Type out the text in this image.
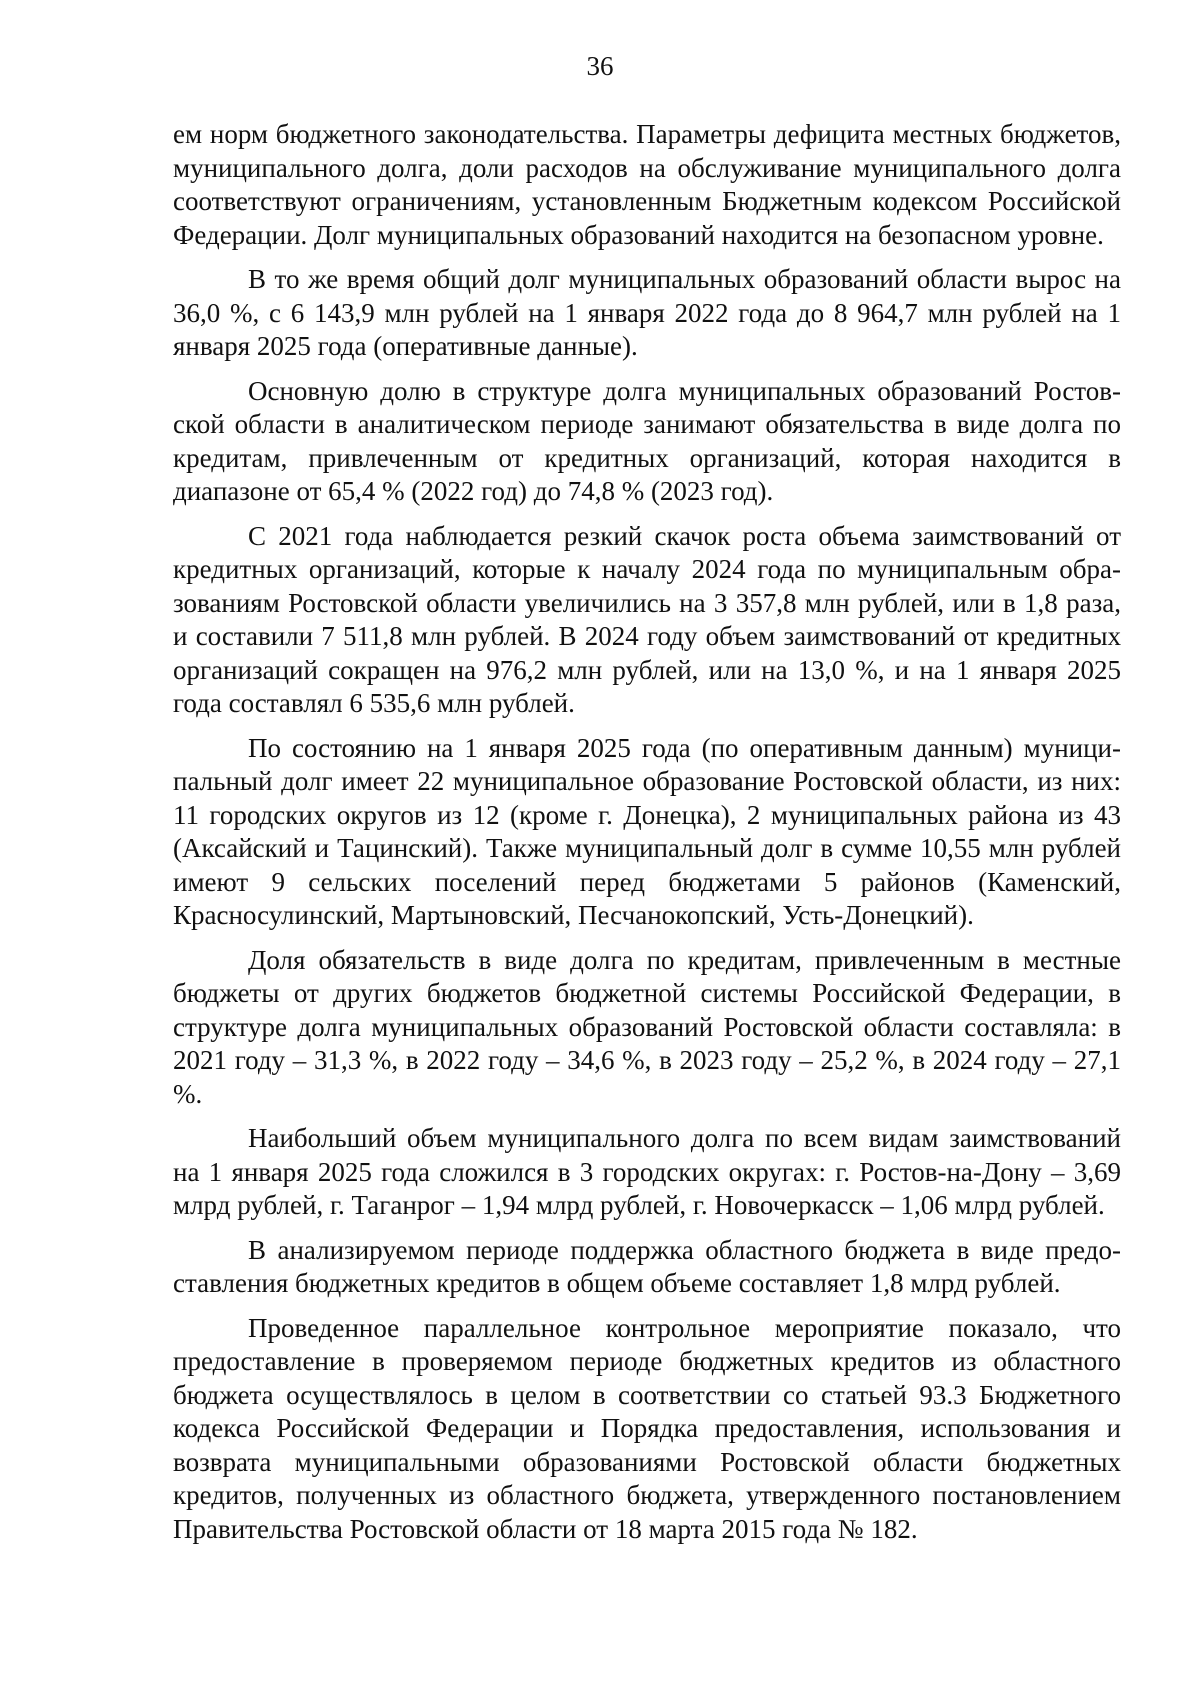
36

ем норм бюджетного законодательства. Параметры дефицита местных бюджетов, муниципального долга, доли расходов на обслуживание муниципального долга соответствуют ограничениям, установленным Бюджетным кодексом Российской Федерации. Долг муниципальных образований находится на безопасном уровне.

В то же время общий долг муниципальных образований области вырос на 36,0 %, с 6 143,9 млн рублей на 1 января 2022 года до 8 964,7 млн рублей на 1 января 2025 года (оперативные данные).

Основную долю в структуре долга муниципальных образований Ростовской области в аналитическом периоде занимают обязательства в виде долга по кредитам, привлеченным от кредитных организаций, которая находится в диапазоне от 65,4 % (2022 год) до 74,8 % (2023 год).

С 2021 года наблюдается резкий скачок роста объема заимствований от кредитных организаций, которые к началу 2024 года по муниципальным образованиям Ростовской области увеличились на 3 357,8 млн рублей, или в 1,8 раза, и составили 7 511,8 млн рублей. В 2024 году объем заимствований от кредитных организаций сокращен на 976,2 млн рублей, или на 13,0 %, и на 1 января 2025 года составлял 6 535,6 млн рублей.

По состоянию на 1 января 2025 года (по оперативным данным) муниципальный долг имеет 22 муниципальное образование Ростовской области, из них: 11 городских округов из 12 (кроме г. Донецка), 2 муниципальных района из 43 (Аксайский и Тацинский). Также муниципальный долг в сумме 10,55 млн рублей имеют 9 сельских поселений перед бюджетами 5 районов (Каменский, Красносулинский, Мартыновский, Песчанокопский, Усть-Донецкий).

Доля обязательств в виде долга по кредитам, привлеченным в местные бюджеты от других бюджетов бюджетной системы Российской Федерации, в структуре долга муниципальных образований Ростовской области составляла: в 2021 году – 31,3 %, в 2022 году – 34,6 %, в 2023 году – 25,2 %, в 2024 году – 27,1 %.

Наибольший объем муниципального долга по всем видам заимствований на 1 января 2025 года сложился в 3 городских округах: г. Ростов-на-Дону – 3,69 млрд рублей, г. Таганрог – 1,94 млрд рублей, г. Новочеркасск – 1,06 млрд рублей.

В анализируемом периоде поддержка областного бюджета в виде предоставления бюджетных кредитов в общем объеме составляет 1,8 млрд рублей.

Проведенное параллельное контрольное мероприятие показало, что предоставление в проверяемом периоде бюджетных кредитов из областного бюджета осуществлялось в целом в соответствии со статьей 93.3 Бюджетного кодекса Российской Федерации и Порядка предоставления, использования и возврата муниципальными образованиями Ростовской области бюджетных кредитов, полученных из областного бюджета, утвержденного постановлением Правительства Ростовской области от 18 марта 2015 года № 182.
